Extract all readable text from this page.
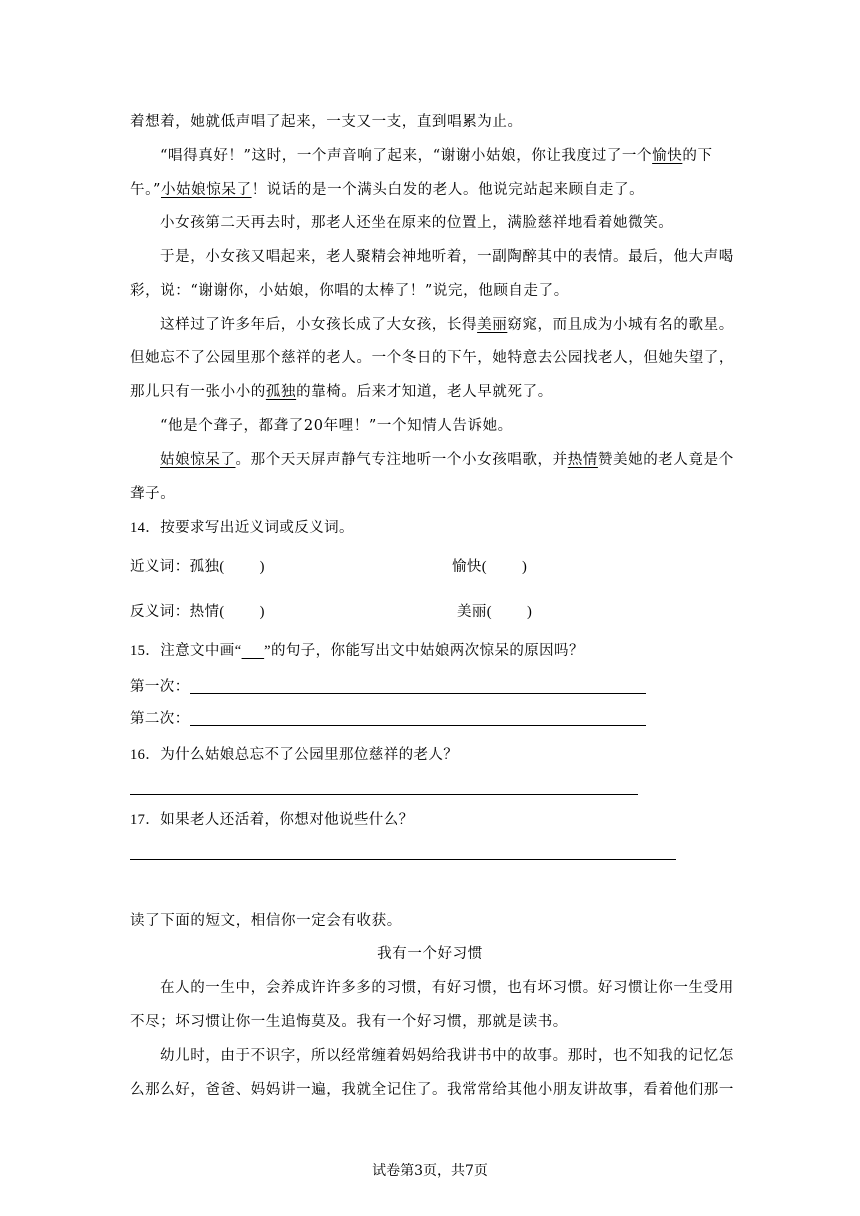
着想着，她就低声唱了起来，一支又一支，直到唱累为止。
“唱得真好！”这时，一个声音响了起来，“谢谢小姑娘，你让我度过了一个愉快的下
午。”小姑娘惊呆了！说话的是一个满头白发的老人。他说完站起来顾自走了。
小女孩第二天再去时，那老人还坐在原来的位置上，满脸慈祥地看着她微笑。
于是，小女孩又唱起来，老人聚精会神地听着，一副陶醉其中的表情。最后，他大声喝
彩，说：“谢谢你，小姑娘，你唱的太棒了！”说完，他顾自走了。
这样过了许多年后，小女孩长成了大女孩，长得美丽窈窕，而且成为小城有名的歌星。
但她忘不了公园里那个慈祥的老人。一个冬日的下午，她特意去公园找老人，但她失望了，
那儿只有一张小小的孤独的靠椅。后来才知道，老人早就死了。
“他是个聋子，都聋了20年哩！”一个知情人告诉她。
姑娘惊呆了。那个天天屏声静气专注地听一个小女孩唱歌，并热情赞美她的老人竟是个
聋子。
14．按要求写出近义词或反义词。
近义词：孤独( )	愉快( )
反义词：热情( )	美丽( )
15．注意文中画“   ”的句子，你能写出文中姑娘两次惊呆的原因吗？
第一次：
第二次：
16．为什么姑娘总忘不了公园里那位慈祥的老人？
17．如果老人还活着，你想对他说些什么？
读了下面的短文，相信你一定会有收获。
我有一个好习惯
在人的一生中，会养成许许多多的习惯，有好习惯，也有坏习惯。好习惯让你一生受用
不尽；坏习惯让你一生追悔莫及。我有一个好习惯，那就是读书。
幼儿时，由于不识字，所以经常缠着妈妈给我讲书中的故事。那时，也不知我的记忆怎
么那么好，爸爸、妈妈讲一遍，我就全记住了。我常常给其他小朋友讲故事，看着他们那一
试卷第3页，共7页
